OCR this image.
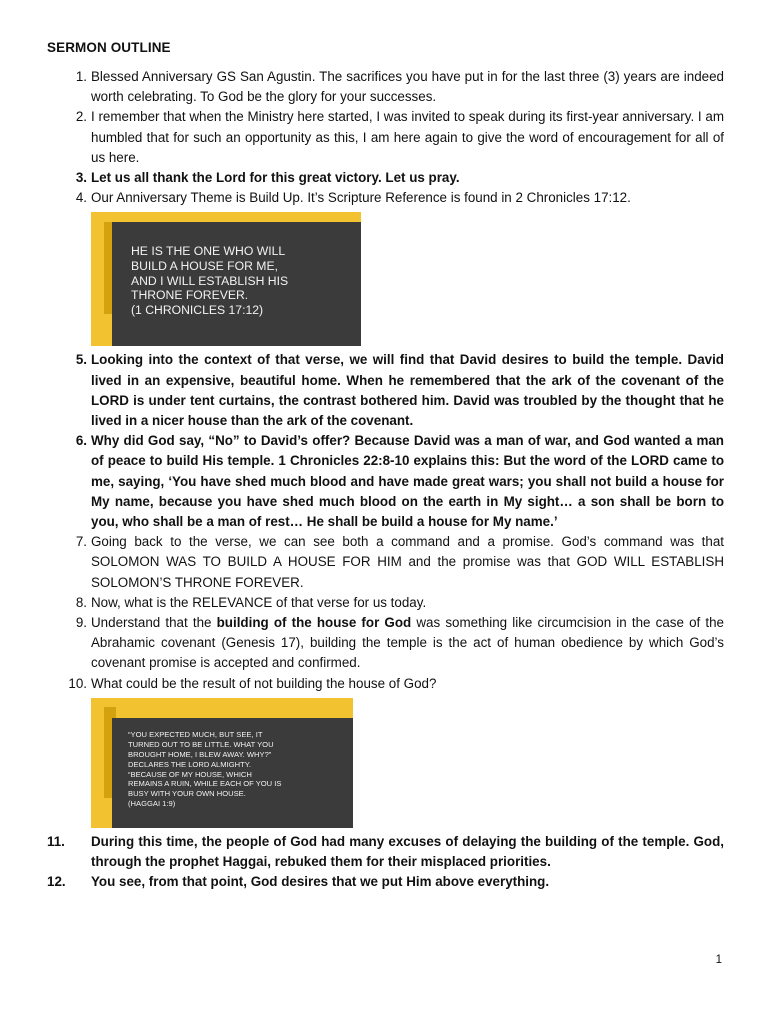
SERMON OUTLINE
1. Blessed Anniversary GS San Agustin. The sacrifices you have put in for the last three (3) years are indeed worth celebrating. To God be the glory for your successes.
2. I remember that when the Ministry here started, I was invited to speak during its first-year anniversary. I am humbled that for such an opportunity as this, I am here again to give the word of encouragement for all of us here.
3. Let us all thank the Lord for this great victory. Let us pray.
4. Our Anniversary Theme is Build Up. It’s Scripture Reference is found in 2 Chronicles 17:12.
HE IS THE ONE WHO WILL
BUILD A HOUSE FOR ME,
AND I WILL ESTABLISH HIS
THRONE FOREVER.
(1 CHRONICLES 17:12)
5. Looking into the context of that verse, we will find that David desires to build the temple. David lived in an expensive, beautiful home. When he remembered that the ark of the covenant of the LORD is under tent curtains, the contrast bothered him. David was troubled by the thought that he lived in a nicer house than the ark of the covenant.
6. Why did God say, “No” to David’s offer? Because David was a man of war, and God wanted a man of peace to build His temple. 1 Chronicles 22:8-10 explains this: But the word of the LORD came to me, saying, ‘You have shed much blood and have made great wars; you shall not build a house for My name, because you have shed much blood on the earth in My sight… a son shall be born to you, who shall be a man of rest… He shall be build a house for My name.’
7. Going back to the verse, we can see both a command and a promise. God’s command was that SOLOMON WAS TO BUILD A HOUSE FOR HIM and the promise was that GOD WILL ESTABLISH SOLOMON’S THRONE FOREVER.
8. Now, what is the RELEVANCE of that verse for us today.
9. Understand that the building of the house for God was something like circumcision in the case of the Abrahamic covenant (Genesis 17), building the temple is the act of human obedience by which God’s covenant promise is accepted and confirmed.
10. What could be the result of not building the house of God?
“YOU EXPECTED MUCH, BUT SEE, IT
TURNED OUT TO BE LITTLE. WHAT YOU
BROUGHT HOME, I BLEW AWAY. WHY?”
DECLARES THE LORD ALMIGHTY.
“BECAUSE OF MY HOUSE, WHICH
REMAINS A RUIN, WHILE EACH OF YOU IS
BUSY WITH YOUR OWN HOUSE.
(HAGGAI 1:9)
11. During this time, the people of God had many excuses of delaying the building of the temple. God, through the prophet Haggai, rebuked them for their misplaced priorities.
12. You see, from that point, God desires that we put Him above everything.
1
